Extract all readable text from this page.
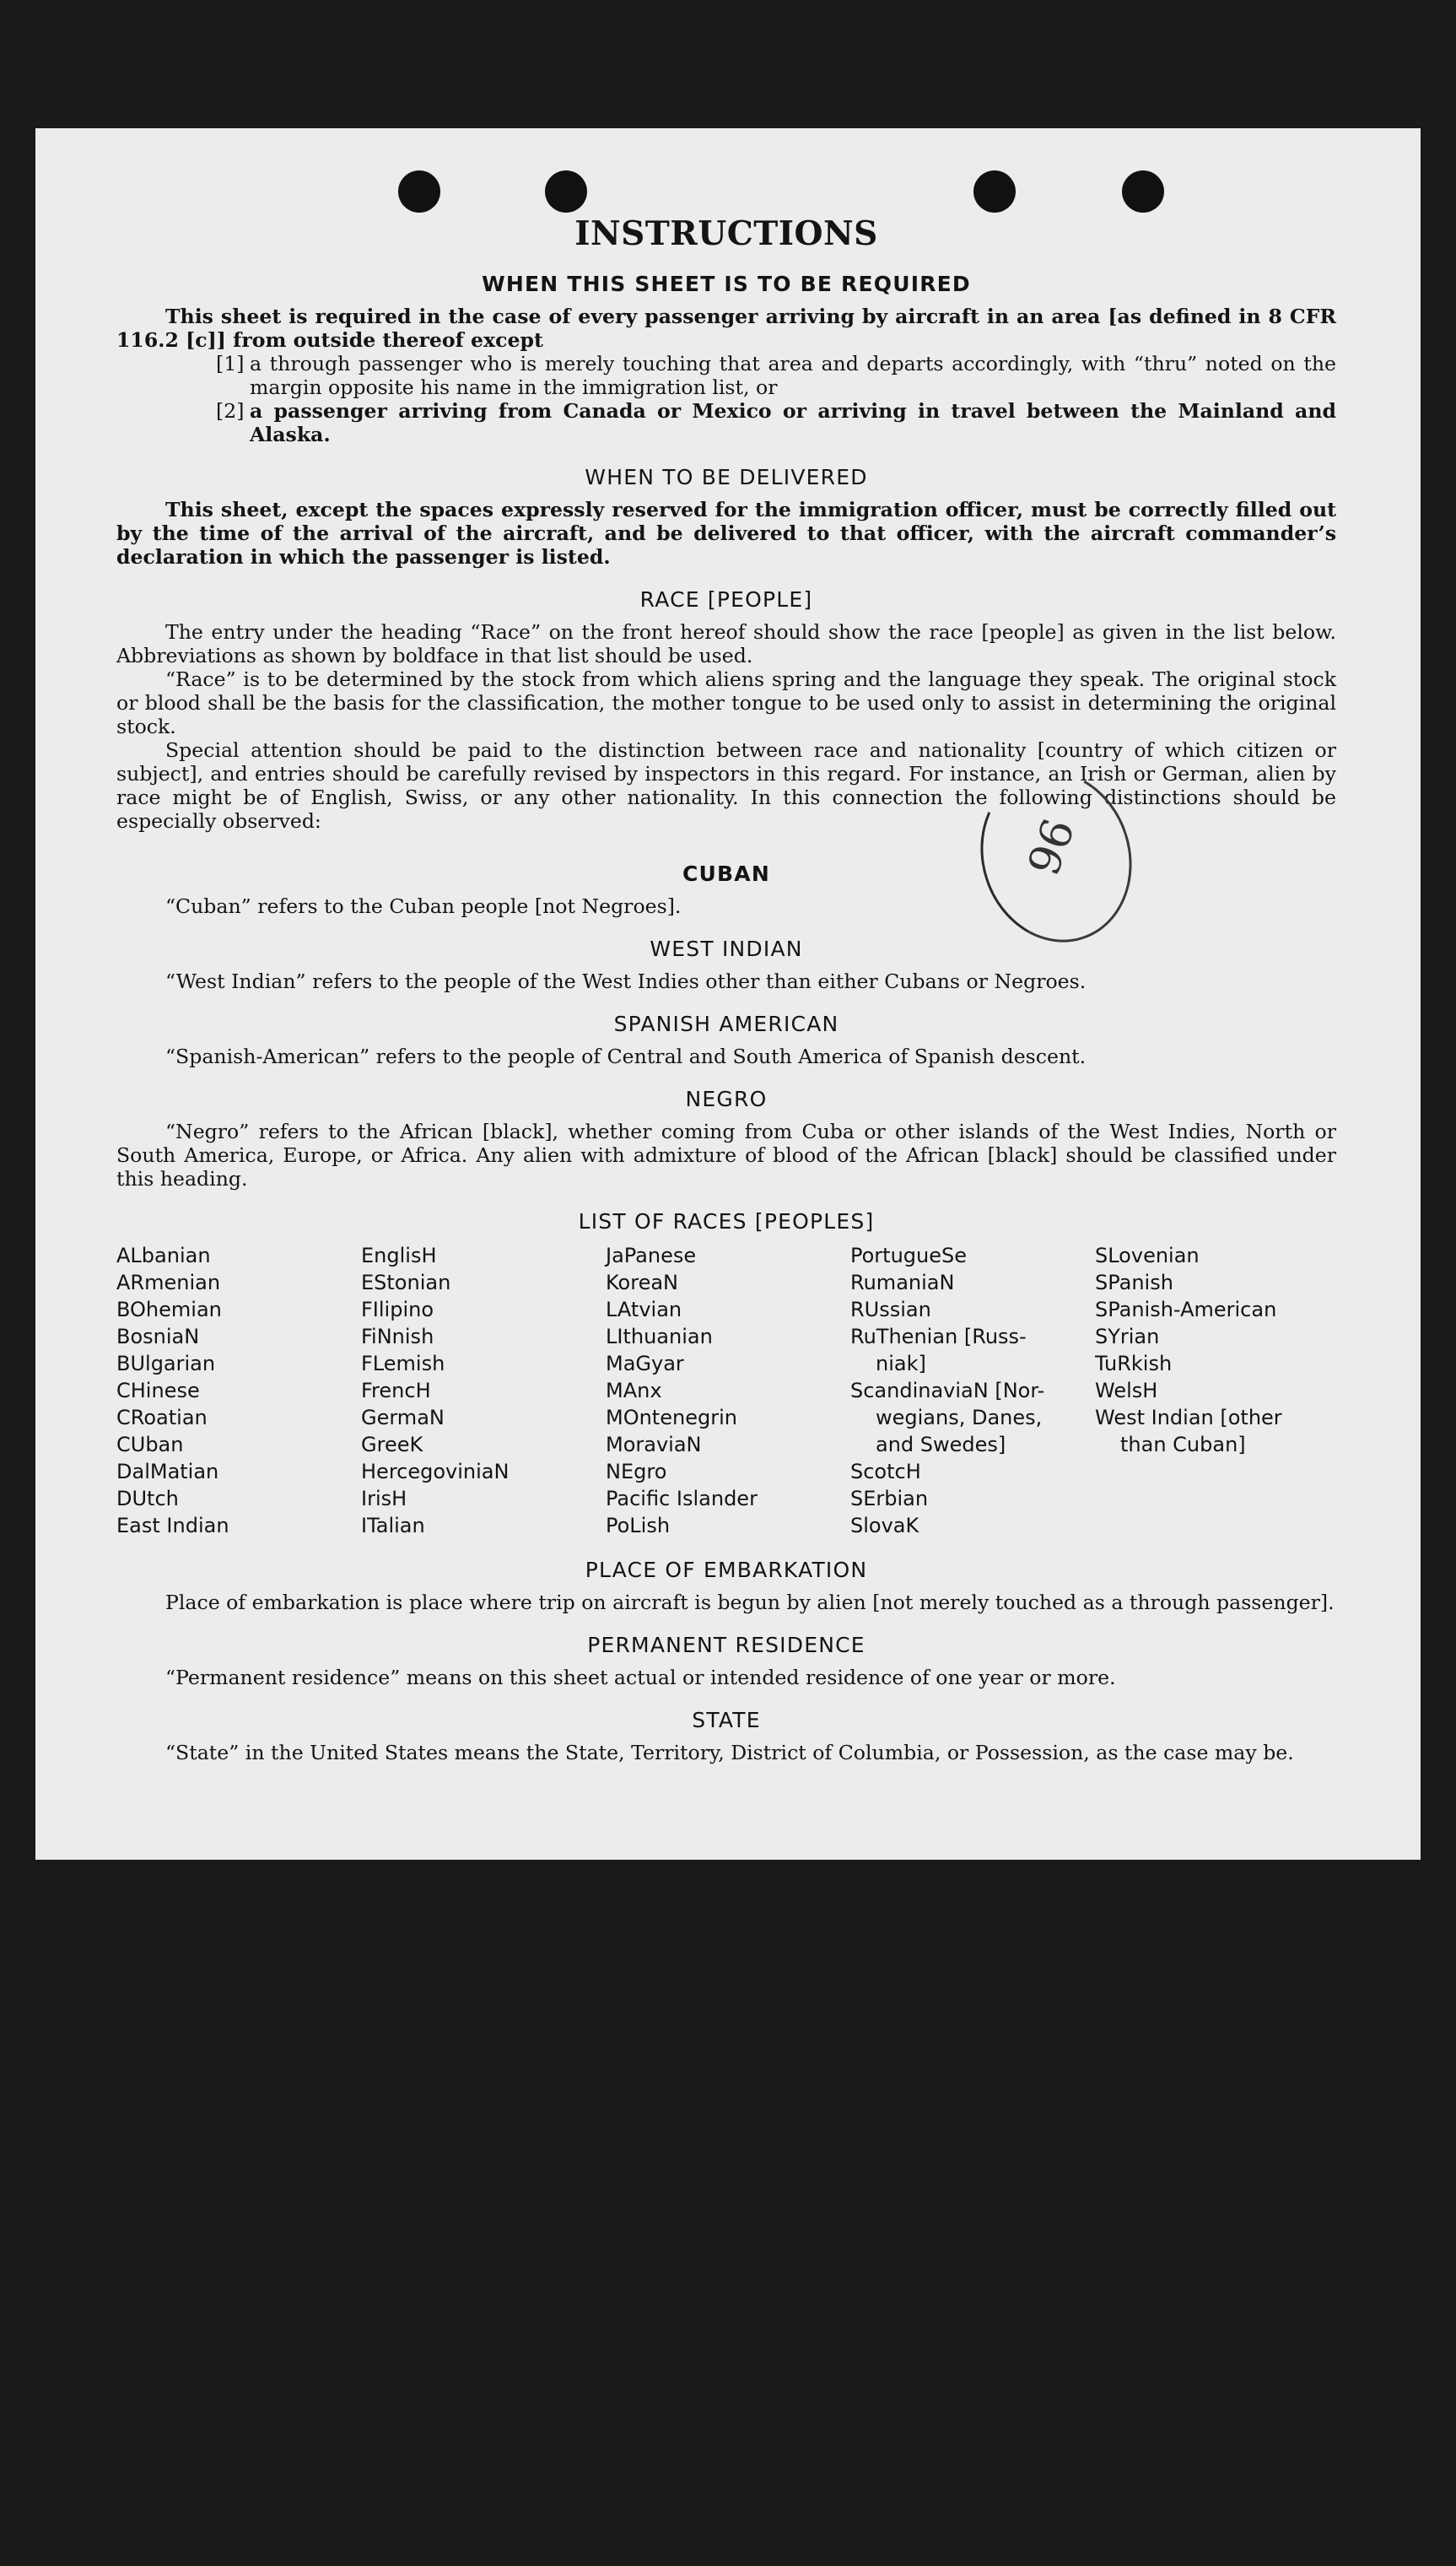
96
INSTRUCTIONS
WHEN THIS SHEET IS TO BE REQUIRED

This sheet is required in the case of every passenger arriving by aircraft in an area [as defined in 8 CFR 116.2 [c]] from outside thereof except

[1] a through passenger who is merely touching that area and departs accordingly, with “thru” noted on the margin opposite his name in the immigration list, or
[2] a passenger arriving from Canada or Mexico or arriving in travel between the Mainland and Alaska.
WHEN TO BE DELIVERED

This sheet, except the spaces expressly reserved for the immigration officer, must be correctly filled out by the time of the arrival of the aircraft, and be delivered to that officer, with the aircraft commander’s declaration in which the passenger is listed.

RACE [PEOPLE]

The entry under the heading “Race” on the front hereof should show the race [people] as given in the list below. Abbreviations as shown by boldface in that list should be used.

“Race” is to be determined by the stock from which aliens spring and the language they speak. The original stock or blood shall be the basis for the classification, the mother tongue to be used only to assist in determining the original stock.

Special attention should be paid to the distinction between race and nationality [country of which citizen or subject], and entries should be carefully revised by inspectors in this regard. For instance, an Irish or German, alien by race might be of English, Swiss, or any other nationality. In this connection the following distinctions should be especially observed:

CUBAN

“Cuban” refers to the Cuban people [not Negroes].

WEST INDIAN

“West Indian” refers to the people of the West Indies other than either Cubans or Negroes.

SPANISH AMERICAN

“Spanish-American” refers to the people of Central and South America of Spanish descent.

NEGRO

“Negro” refers to the African [black], whether coming from Cuba or other islands of the West Indies, North or South America, Europe, or Africa. Any alien with admixture of blood of the African [black] should be classified under this heading.

LIST OF RACES [PEOPLES]
ALbanian
ARmenian
BOhemian
BosniaN
BUlgarian
CHinese
CRoatian
CUban
DalMatian
DUtch
East Indian
EnglisH
EStonian
FIlipino
FiNnish
FLemish
FrencH
GermaN
GreeK
HercegoviniaN
IrisH
ITalian
JaPanese
KoreaN
LAtvian
LIthuanian
MaGyar
MAnx
MOntenegrin
MoraviaN
NEgro
Pacific Islander
PoLish
PortugueSe
RumaniaN
RUssian
RuThenian [Russ-
niak]
ScandinaviaN [Nor-
wegians, Danes,
and Swedes]
ScotcH
SErbian
SlovaK
SLovenian
SPanish
SPanish-American
SYrian
TuRkish
WelsH
West Indian [other
than Cuban]
PLACE OF EMBARKATION

Place of embarkation is place where trip on aircraft is begun by alien [not merely touched as a through passenger].

PERMANENT RESIDENCE

“Permanent residence” means on this sheet actual or intended residence of one year or more.

STATE

“State” in the United States means the State, Territory, District of Columbia, or Possession, as the case may be.
